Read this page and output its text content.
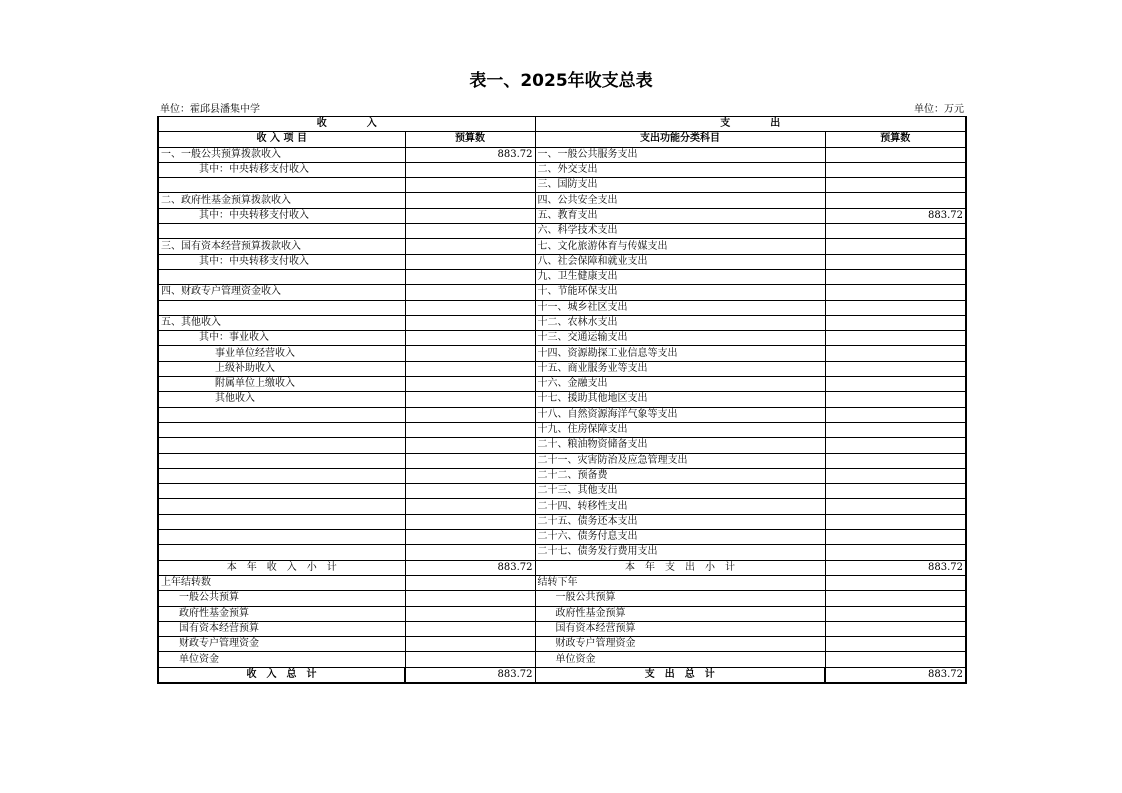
表一、2025年收支总表
单位：霍邱县潘集中学	单位：万元
收　　　　入		支　　　　出	
收 入 项 目	预算数	支出功能分类科目	预算数
一、一般公共预算拨款收入	883.72	一、一般公共服务支出	
其中：中央转移支付收入		二、外交支出	
		三、国防支出	
二、政府性基金预算拨款收入		四、公共安全支出	
其中：中央转移支付收入		五、教育支出	883.72
		六、科学技术支出	
三、国有资本经营预算拨款收入		七、文化旅游体育与传媒支出	
其中：中央转移支付收入		八、社会保障和就业支出	
		九、卫生健康支出	
四、财政专户管理资金收入		十、节能环保支出	
		十一、城乡社区支出	
五、其他收入		十二、农林水支出	
其中：事业收入		十三、交通运输支出	
事业单位经营收入		十四、资源勘探工业信息等支出	
上级补助收入		十五、商业服务业等支出	
附属单位上缴收入		十六、金融支出	
其他收入		十七、援助其他地区支出	
		十八、自然资源海洋气象等支出	
		十九、住房保障支出	
		二十、粮油物资储备支出	
		二十一、灾害防治及应急管理支出	
		二十二、预备费	
		二十三、其他支出	
		二十四、转移性支出	
		二十五、债务还本支出	
		二十六、债务付息支出	
		二十七、债务发行费用支出	
本　年　收　入　小　计	883.72	本　年　支　出　小　计	883.72
上年结转数		结转下年	
一般公共预算		一般公共预算	
政府性基金预算		政府性基金预算	
国有资本经营预算		国有资本经营预算	
财政专户管理资金		财政专户管理资金	
单位资金		单位资金	
收　入　总　计	883.72	支　出　总　计	883.72
